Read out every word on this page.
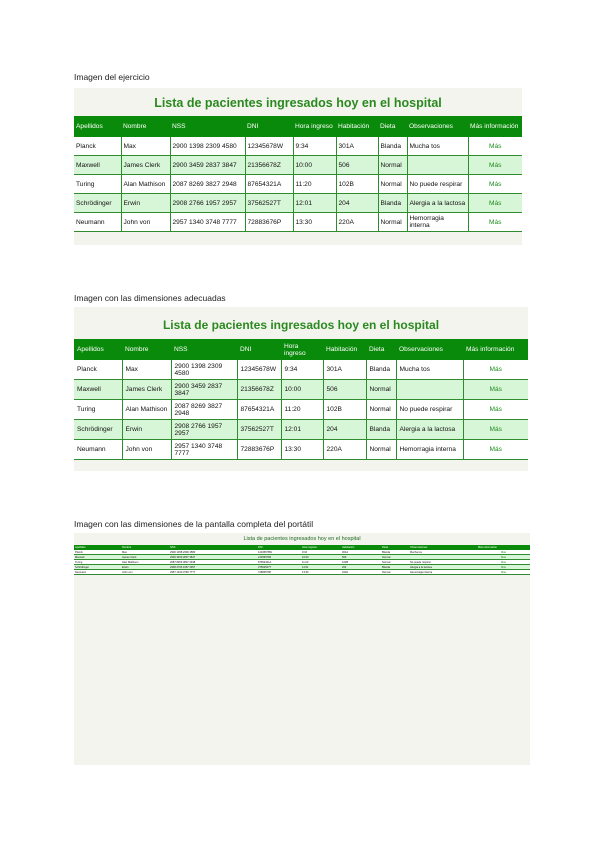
Imagen del ejercicio
Lista de pacientes ingresados hoy en el hospital
Apellidos	Nombre	NSS	DNI	Hora ingreso	Habitación	Dieta	Observaciones	Más información
Planck	Max	2900 1398 2309 4580	12345678W	9:34	301A	Blanda	Mucha tos	Más
Maxwell	James Clerk	2900 3459 2837 3847	21356678Z	10:00	506	Normal		Más
Turing	Alan Mathison	2087 8269 3827 2948	87654321A	11:20	102B	Normal	No puede respirar	Más
Schrödinger	Erwin	2908 2766 1957 2957	37562527T	12:01	204	Blanda	Alergia a la lactosa	Más
Neumann	John von	2957 1340 3748 7777	72883676P	13:30	220A	Normal	Hemorragia interna	Más
Imagen con las dimensiones adecuadas
Lista de pacientes ingresados hoy en el hospital
Apellidos	Nombre	NSS	DNI	Hora ingreso	Habitación	Dieta	Observaciones	Más información
Planck	Max	2900 1398 2309 4580	12345678W	9:34	301A	Blanda	Mucha tos	Más
Maxwell	James Clerk	2900 3459 2837 3847	21356678Z	10:00	506	Normal		Más
Turing	Alan Mathison	2087 8269 3827 2948	87654321A	11:20	102B	Normal	No puede respirar	Más
Schrödinger	Erwin	2908 2766 1957 2957	37562527T	12:01	204	Blanda	Alergia a la lactosa	Más
Neumann	John von	2957 1340 3748 7777	72883676P	13:30	220A	Normal	Hemorragia interna	Más
Imagen con las dimensiones de la pantalla completa del portátil
Lista de pacientes ingresados hoy en el hospital
Apellidos	Nombre	NSS	DNI	Hora ingreso	Habitación	Dieta	Observaciones	Más información
Planck	Max	2900 1398 2309 4580	12345678W	9:34	301A	Blanda	Mucha tos	Más
Maxwell	James Clerk	2900 3459 2837 3847	21356678Z	10:00	506	Normal		Más
Turing	Alan Mathison	2087 8269 3827 2948	87654321A	11:20	102B	Normal	No puede respirar	Más
Schrödinger	Erwin	2908 2766 1957 2957	37562527T	12:01	204	Blanda	Alergia a la lactosa	Más
Neumann	John von	2957 1340 3748 7777	72883676P	13:30	220A	Normal	Hemorragia interna	Más
